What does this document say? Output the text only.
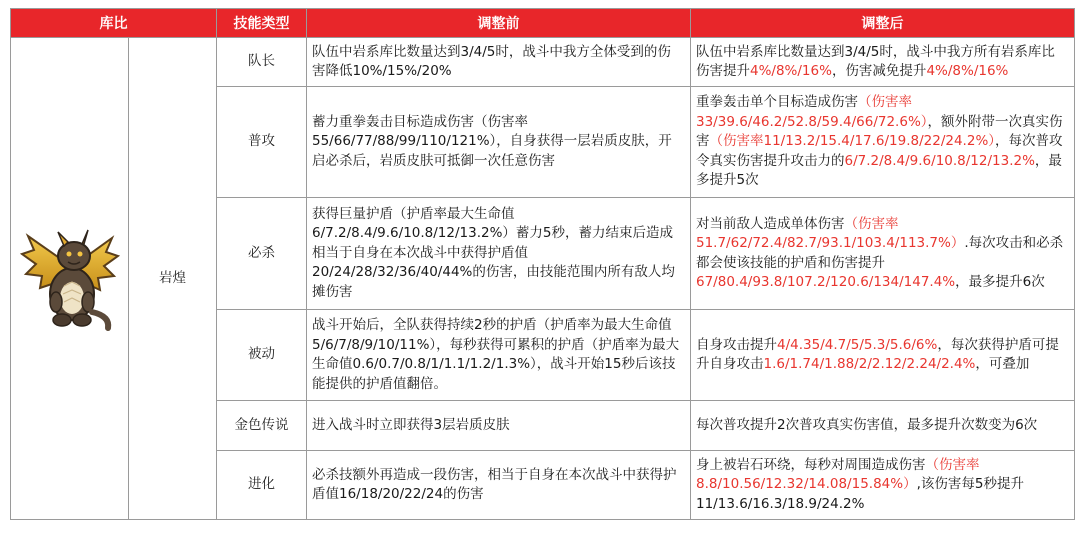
库比		技能类型	调整前	调整后

	岩煌	队长	队伍中岩系库比数量达到3/4/5时，战斗中我方全体受到的伤害降低10%/15%/20%	队伍中岩系库比数量达到3/4/5时，战斗中我方所有岩系库比伤害提升4%/8%/16%，伤害减免提升4%/8%/16%
		普攻	蓄力重拳轰击目标造成伤害（伤害率55/66/77/88/99/110/121%），自身获得一层岩质皮肤，开启必杀后，岩质皮肤可抵御一次任意伤害	重拳轰击单个目标造成伤害（伤害率33/39.6/46.2/52.8/59.4/66/72.6%），额外附带一次真实伤害（伤害率11/13.2/15.4/17.6/19.8/22/24.2%），每次普攻令真实伤害提升攻击力的6/7.2/8.4/9.6/10.8/12/13.2%，最多提升5次
		必杀	获得巨量护盾（护盾率最大生命值6/7.2/8.4/9.6/10.8/12/13.2%）蓄力5秒，蓄力结束后造成相当于自身在本次战斗中获得护盾值20/24/28/32/36/40/44%的伤害，由技能范围内所有敌人均摊伤害	对当前敌人造成单体伤害（伤害率51.7/62/72.4/82.7/93.1/103.4/113.7%）.每次攻击和必杀都会使该技能的护盾和伤害提升67/80.4/93.8/107.2/120.6/134/147.4%，最多提升6次
		被动	战斗开始后，全队获得持续2秒的护盾（护盾率为最大生命值5/6/7/8/9/10/11%），每秒获得可累积的护盾（护盾率为最大生命值0.6/0.7/0.8/1/1.1/1.2/1.3%），战斗开始15秒后该技能提供的护盾值翻倍。	自身攻击提升4/4.35/4.7/5/5.3/5.6/6%，每次获得护盾可提升自身攻击1.6/1.74/1.88/2/2.12/2.24/2.4%，可叠加
		金色传说	进入战斗时立即获得3层岩质皮肤	每次普攻提升2次普攻真实伤害值，最多提升次数变为6次
		进化	必杀技额外再造成一段伤害，相当于自身在本次战斗中获得护盾值16/18/20/22/24的伤害	身上被岩石环绕，每秒对周围造成伤害（伤害率8.8/10.56/12.32/14.08/15.84%）,该伤害每5秒提升11/13.6/16.3/18.9/24.2%
